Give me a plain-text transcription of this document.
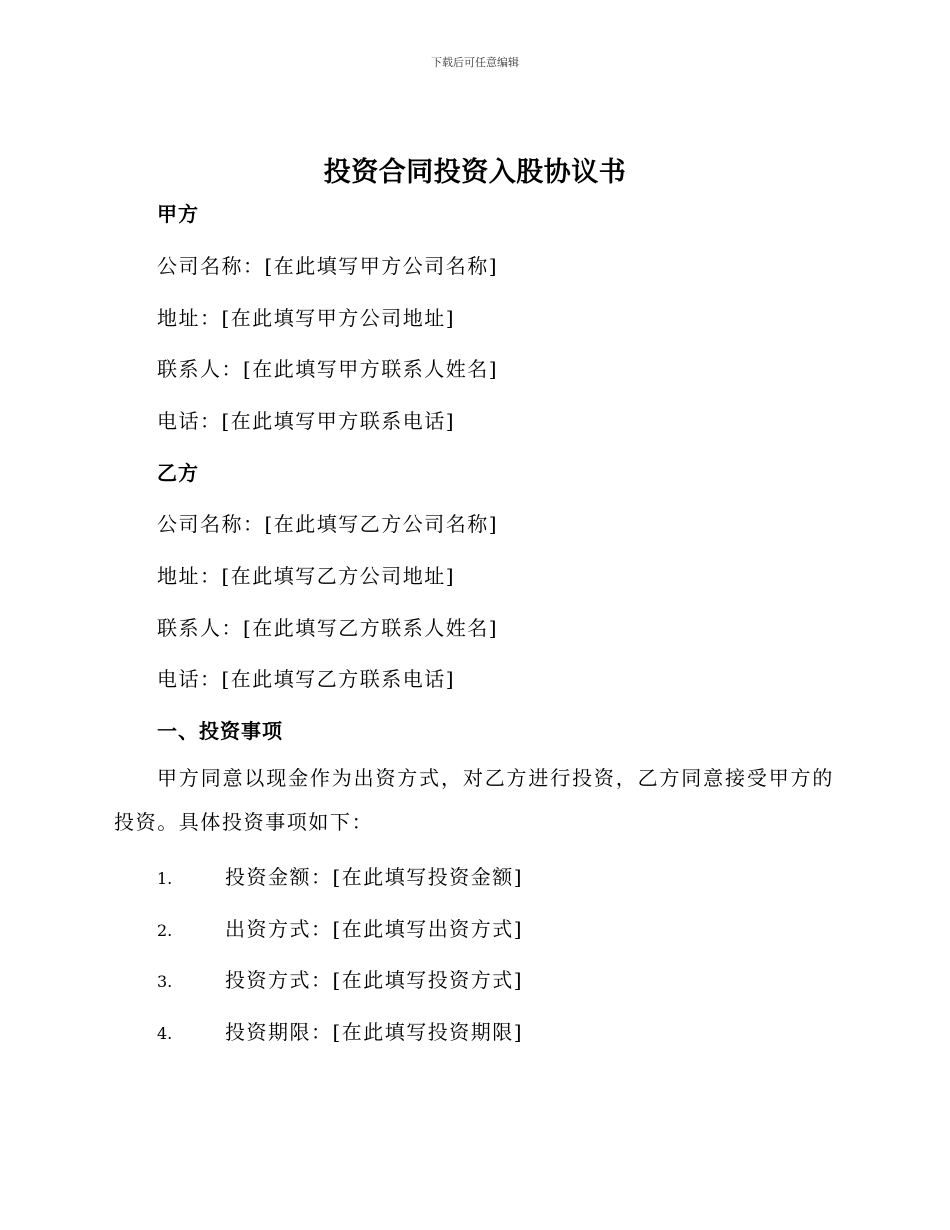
下载后可任意编辑
投资合同投资入股协议书
甲方
公司名称：[在此填写甲方公司名称]
地址：[在此填写甲方公司地址]
联系人：[在此填写甲方联系人姓名]
电话：[在此填写甲方联系电话]
乙方
公司名称：[在此填写乙方公司名称]
地址：[在此填写乙方公司地址]
联系人：[在此填写乙方联系人姓名]
电话：[在此填写乙方联系电话]
一、投资事项
甲方同意以现金作为出资方式，对乙方进行投资，乙方同意接受甲方的投资。具体投资事项如下：
1.	投资金额：[在此填写投资金额]
2.	出资方式：[在此填写出资方式]
3.	投资方式：[在此填写投资方式]
4.	投资期限：[在此填写投资期限]
